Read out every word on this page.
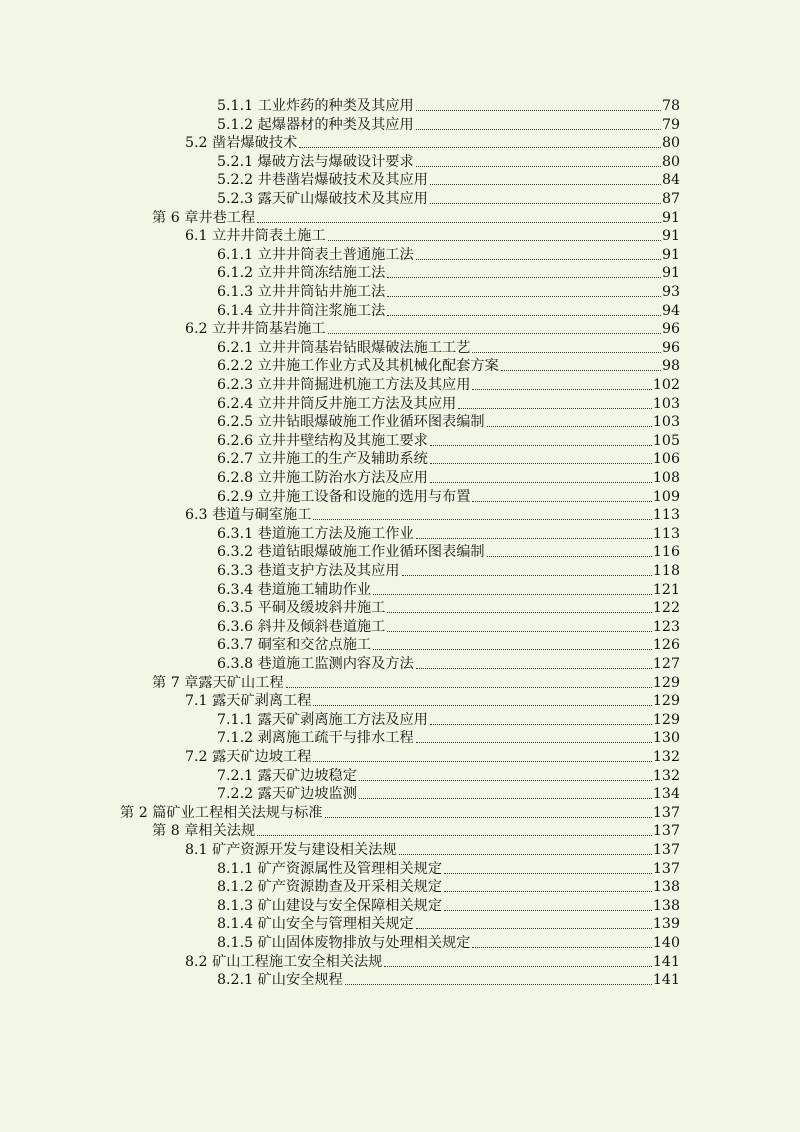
5.1.1 工业炸药的种类及其应用	78
5.1.2 起爆器材的种类及其应用	79
5.2 凿岩爆破技术	80
5.2.1 爆破方法与爆破设计要求	80
5.2.2 井巷凿岩爆破技术及其应用	84
5.2.3 露天矿山爆破技术及其应用	87
第 6 章井巷工程	91
6.1 立井井筒表土施工	91
6.1.1 立井井筒表土普通施工法	91
6.1.2 立井井筒冻结施工法	91
6.1.3 立井井筒钻井施工法	93
6.1.4 立井井筒注浆施工法	94
6.2 立井井筒基岩施工	96
6.2.1 立井井筒基岩钻眼爆破法施工工艺	96
6.2.2 立井施工作业方式及其机械化配套方案	98
6.2.3 立井井筒掘进机施工方法及其应用	102
6.2.4 立井井筒反井施工方法及其应用	103
6.2.5 立井钻眼爆破施工作业循环图表编制	103
6.2.6 立井井壁结构及其施工要求	105
6.2.7 立井施工的生产及辅助系统	106
6.2.8 立井施工防治水方法及应用	108
6.2.9 立井施工设备和设施的选用与布置	109
6.3 巷道与硐室施工	113
6.3.1 巷道施工方法及施工作业	113
6.3.2 巷道钻眼爆破施工作业循环图表编制	116
6.3.3 巷道支护方法及其应用	118
6.3.4 巷道施工辅助作业	121
6.3.5 平硐及缓坡斜井施工	122
6.3.6 斜井及倾斜巷道施工	123
6.3.7 硐室和交岔点施工	126
6.3.8 巷道施工监测内容及方法	127
第 7 章露天矿山工程	129
7.1 露天矿剥离工程	129
7.1.1 露天矿剥离施工方法及应用	129
7.1.2 剥离施工疏干与排水工程	130
7.2 露天矿边坡工程	132
7.2.1 露天矿边坡稳定	132
7.2.2 露天矿边坡监测	134
第 2 篇矿业工程相关法规与标准	137
第 8 章相关法规	137
8.1 矿产资源开发与建设相关法规	137
8.1.1 矿产资源属性及管理相关规定	137
8.1.2 矿产资源勘查及开采相关规定	138
8.1.3 矿山建设与安全保障相关规定	138
8.1.4 矿山安全与管理相关规定	139
8.1.5 矿山固体废物排放与处理相关规定	140
8.2 矿山工程施工安全相关法规	141
8.2.1 矿山安全规程	141
